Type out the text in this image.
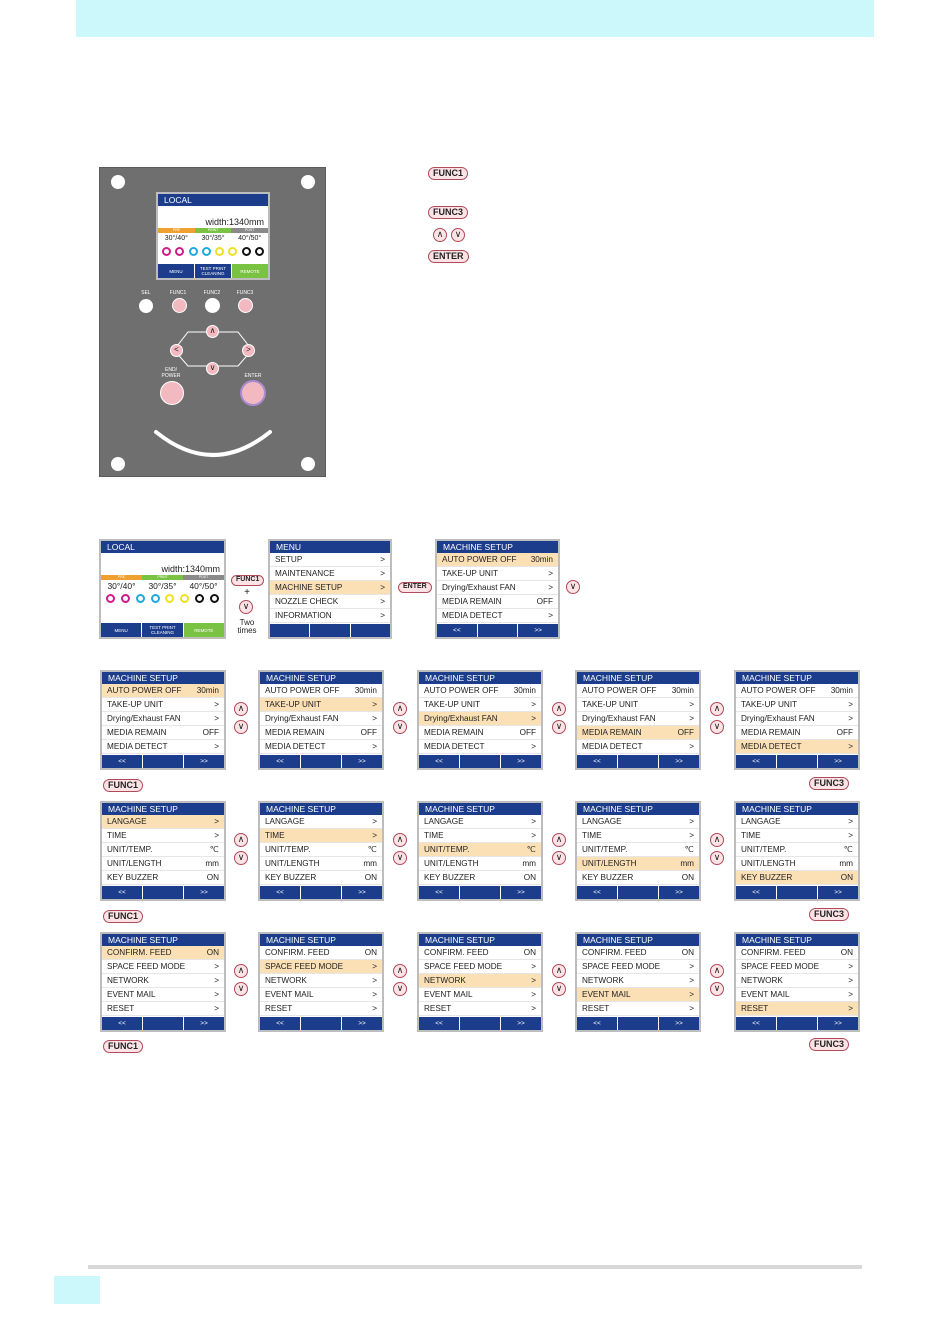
LOCAL
width:1340mm
PRE	PRINT	POST
30°/40°	30°/35°	40°/50°
MENU	TEST PRINT CLEANING	REMOTE
SEL	FUNC1	FUNC2	FUNC3
∧
∨
<	>
END/ POWER	ENTER
FUNC1
FUNC3
∧	∨
ENTER
LOCAL
width:1340mm
PRE	PRINT	POST
30°/40°	30°/35°	40°/50°
MENU	TEST PRINT CLEANING	REMOTE
FUNC1
+
∨
Two times
MENU
SETUP	>
MAINTENANCE	>
MACHINE SETUP	>
NOZZLE CHECK	>
INFORMATION	>
ENTER
MACHINE SETUP
AUTO POWER OFF 30min
TAKE-UP UNIT	>
Drying/Exhaust FAN	>
MEDIA REMAIN	OFF
MEDIA DETECT	>
<<	>>
∨
MACHINE SETUP
AUTO POWER OFF 30min
TAKE-UP UNIT	>
Drying/Exhaust FAN	>
MEDIA REMAIN	OFF
MEDIA DETECT	>
<<	>>
MACHINE SETUP
AUTO POWER OFF 30min
TAKE-UP UNIT	>
Drying/Exhaust FAN	>
MEDIA REMAIN	OFF
MEDIA DETECT	>
<<	>>
MACHINE SETUP
AUTO POWER OFF 30min
TAKE-UP UNIT	>
Drying/Exhaust FAN	>
MEDIA REMAIN	OFF
MEDIA DETECT	>
<<	>>
MACHINE SETUP
AUTO POWER OFF 30min
TAKE-UP UNIT	>
Drying/Exhaust FAN	>
MEDIA REMAIN	OFF
MEDIA DETECT	>
<<	>>
MACHINE SETUP
AUTO POWER OFF 30min
TAKE-UP UNIT	>
Drying/Exhaust FAN	>
MEDIA REMAIN	OFF
MEDIA DETECT	>
<<	>>
∧
∨
∧
∨
∧
∨
∧
∨
FUNC1	FUNC3
MACHINE SETUP
LANGAGE	>
TIME	>
UNIT/TEMP.	℃
UNIT/LENGTH	mm
KEY BUZZER	ON
<<	>>
MACHINE SETUP
LANGAGE	>
TIME	>
UNIT/TEMP.	℃
UNIT/LENGTH	mm
KEY BUZZER	ON
<<	>>
MACHINE SETUP
LANGAGE	>
TIME	>
UNIT/TEMP.	℃
UNIT/LENGTH	mm
KEY BUZZER	ON
<<	>>
MACHINE SETUP
LANGAGE	>
TIME	>
UNIT/TEMP.	℃
UNIT/LENGTH	mm
KEY BUZZER	ON
<<	>>
MACHINE SETUP
LANGAGE	>
TIME	>
UNIT/TEMP.	℃
UNIT/LENGTH	mm
KEY BUZZER	ON
<<	>>
∧
∨
∧
∨
∧
∨
∧
∨
FUNC1	FUNC3
MACHINE SETUP
CONFIRM. FEED	ON
SPACE FEED MODE	>
NETWORK	>
EVENT MAIL	>
RESET	>
<<	>>
MACHINE SETUP
CONFIRM. FEED	ON
SPACE FEED MODE	>
NETWORK	>
EVENT MAIL	>
RESET	>
<<	>>
MACHINE SETUP
CONFIRM. FEED	ON
SPACE FEED MODE	>
NETWORK	>
EVENT MAIL	>
RESET	>
<<	>>
MACHINE SETUP
CONFIRM. FEED	ON
SPACE FEED MODE	>
NETWORK	>
EVENT MAIL	>
RESET	>
<<	>>
MACHINE SETUP
CONFIRM. FEED	ON
SPACE FEED MODE	>
NETWORK	>
EVENT MAIL	>
RESET	>
<<	>>
∧
∨
∧
∨
∧
∨
∧
∨
FUNC1	FUNC3
